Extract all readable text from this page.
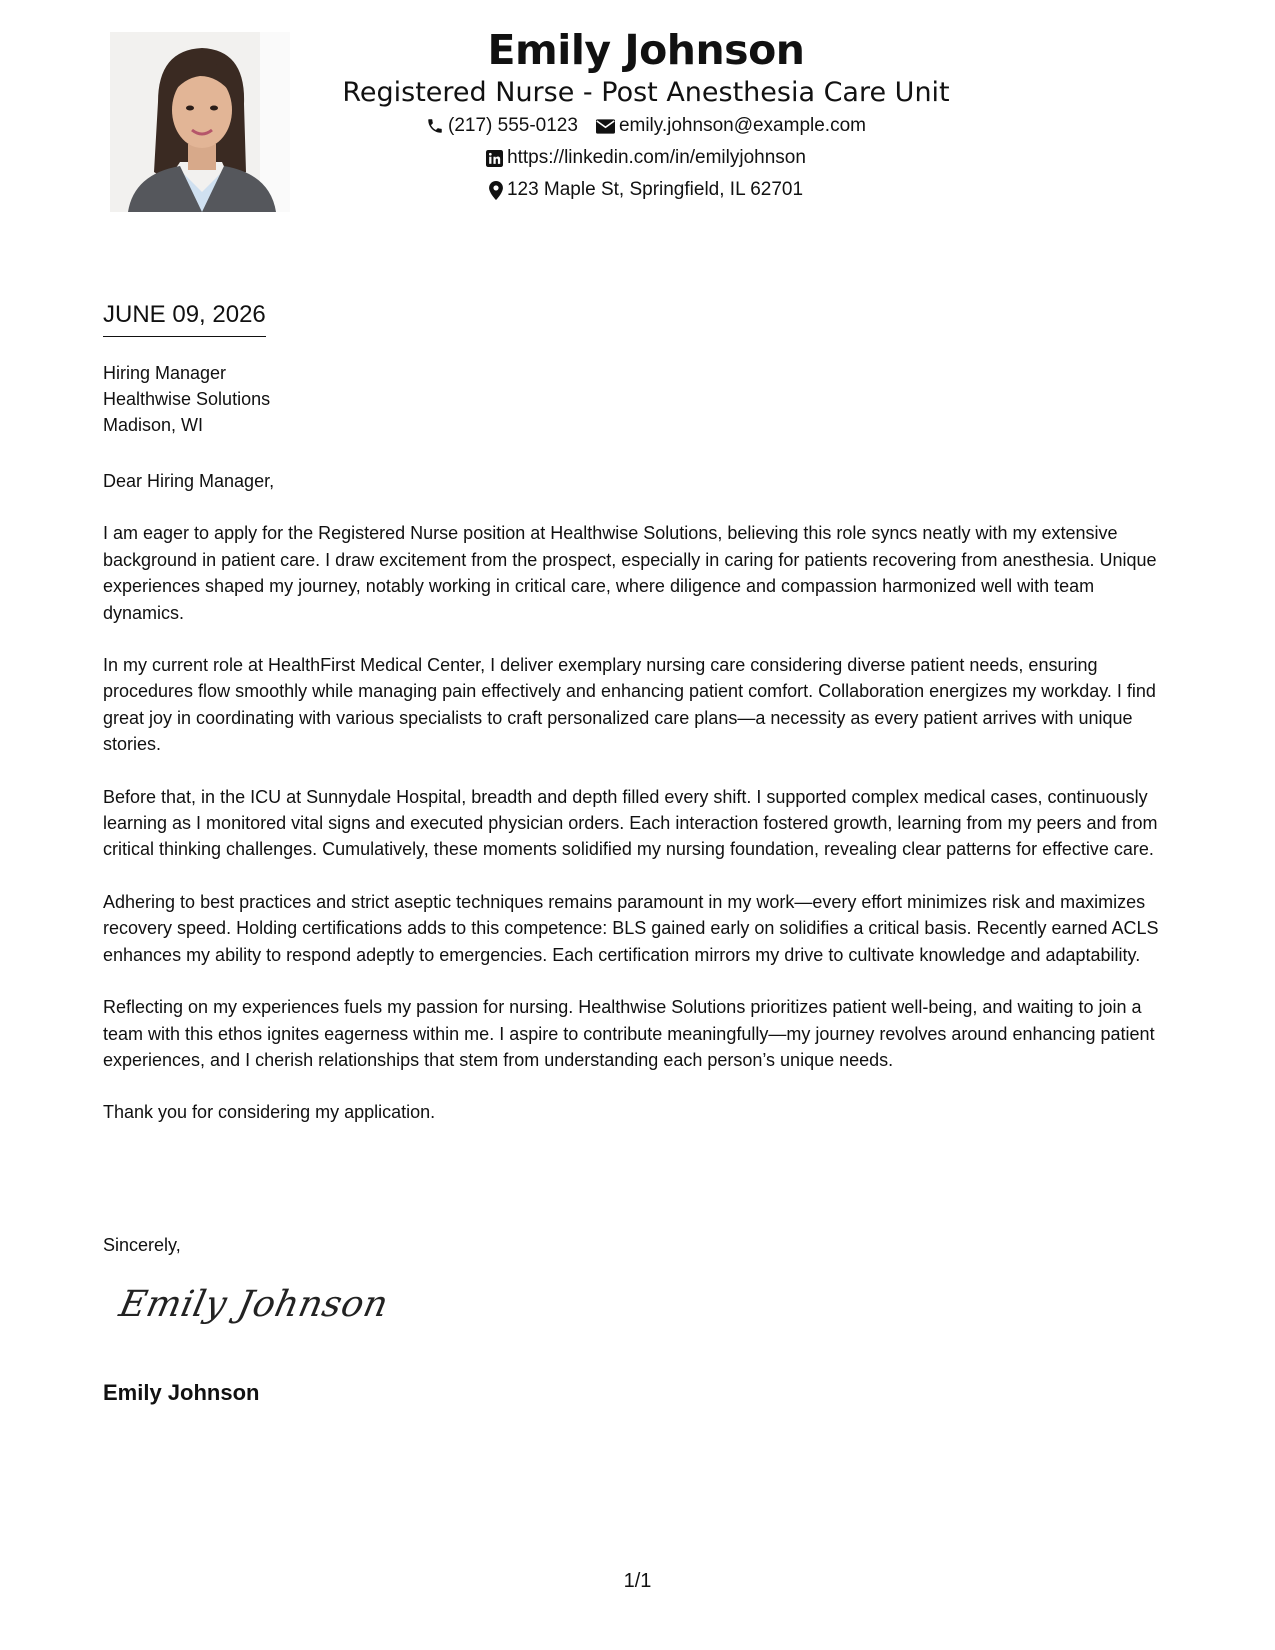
Emily Johnson
Registered Nurse - Post Anesthesia Care Unit
(217) 555-0123 emily.johnson@example.com
https://linkedin.com/in/emilyjohnson
123 Maple St, Springfield, IL 62701
JUNE 09, 2026
Hiring Manager
Healthwise Solutions
Madison, WI

Dear Hiring Manager,

I am eager to apply for the Registered Nurse position at Healthwise Solutions, believing this role syncs neatly with my extensive background in patient care. I draw excitement from the prospect, especially in caring for patients recovering from anesthesia. Unique experiences shaped my journey, notably working in critical care, where diligence and compassion harmonized well with team dynamics.

In my current role at HealthFirst Medical Center, I deliver exemplary nursing care considering diverse patient needs, ensuring procedures flow smoothly while managing pain effectively and enhancing patient comfort. Collaboration energizes my workday. I find great joy in coordinating with various specialists to craft personalized care plans—a necessity as every patient arrives with unique stories.

Before that, in the ICU at Sunnydale Hospital, breadth and depth filled every shift. I supported complex medical cases, continuously learning as I monitored vital signs and executed physician orders. Each interaction fostered growth, learning from my peers and from critical thinking challenges. Cumulatively, these moments solidified my nursing foundation, revealing clear patterns for effective care.

Adhering to best practices and strict aseptic techniques remains paramount in my work—every effort minimizes risk and maximizes recovery speed. Holding certifications adds to this competence: BLS gained early on solidifies a critical basis. Recently earned ACLS enhances my ability to respond adeptly to emergencies. Each certification mirrors my drive to cultivate knowledge and adaptability.

Reflecting on my experiences fuels my passion for nursing. Healthwise Solutions prioritizes patient well-being, and waiting to join a team with this ethos ignites eagerness within me. I aspire to contribute meaningfully—my journey revolves around enhancing patient experiences, and I cherish relationships that stem from understanding each person’s unique needs.

Thank you for considering my application.

Sincerely,
Emily Johnson
Emily Johnson
1/1
